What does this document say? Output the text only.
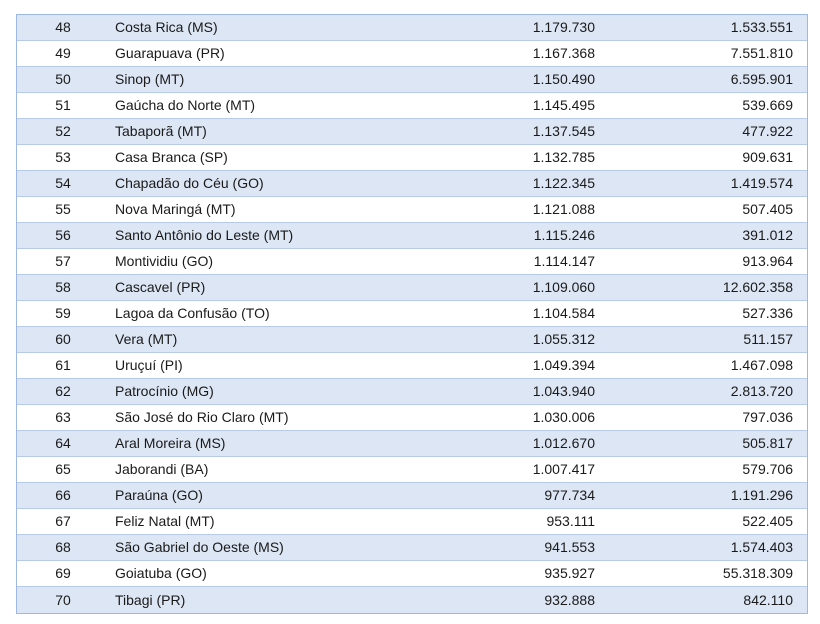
48	Costa Rica (MS)	1.179.730	1.533.551
49	Guarapuava (PR)	1.167.368	7.551.810
50	Sinop (MT)	1.150.490	6.595.901
51	Gaúcha do Norte (MT)	1.145.495	539.669
52	Tabaporã (MT)	1.137.545	477.922
53	Casa Branca (SP)	1.132.785	909.631
54	Chapadão do Céu (GO)	1.122.345	1.419.574
55	Nova Maringá (MT)	1.121.088	507.405
56	Santo Antônio do Leste (MT)	1.115.246	391.012
57	Montividiu (GO)	1.114.147	913.964
58	Cascavel (PR)	1.109.060	12.602.358
59	Lagoa da Confusão (TO)	1.104.584	527.336
60	Vera (MT)	1.055.312	511.157
61	Uruçuí (PI)	1.049.394	1.467.098
62	Patrocínio (MG)	1.043.940	2.813.720
63	São José do Rio Claro (MT)	1.030.006	797.036
64	Aral Moreira (MS)	1.012.670	505.817
65	Jaborandi (BA)	1.007.417	579.706
66	Paraúna (GO)	977.734	1.191.296
67	Feliz Natal (MT)	953.111	522.405
68	São Gabriel do Oeste (MS)	941.553	1.574.403
69	Goiatuba (GO)	935.927	55.318.309
70	Tibagi (PR)	932.888	842.110
